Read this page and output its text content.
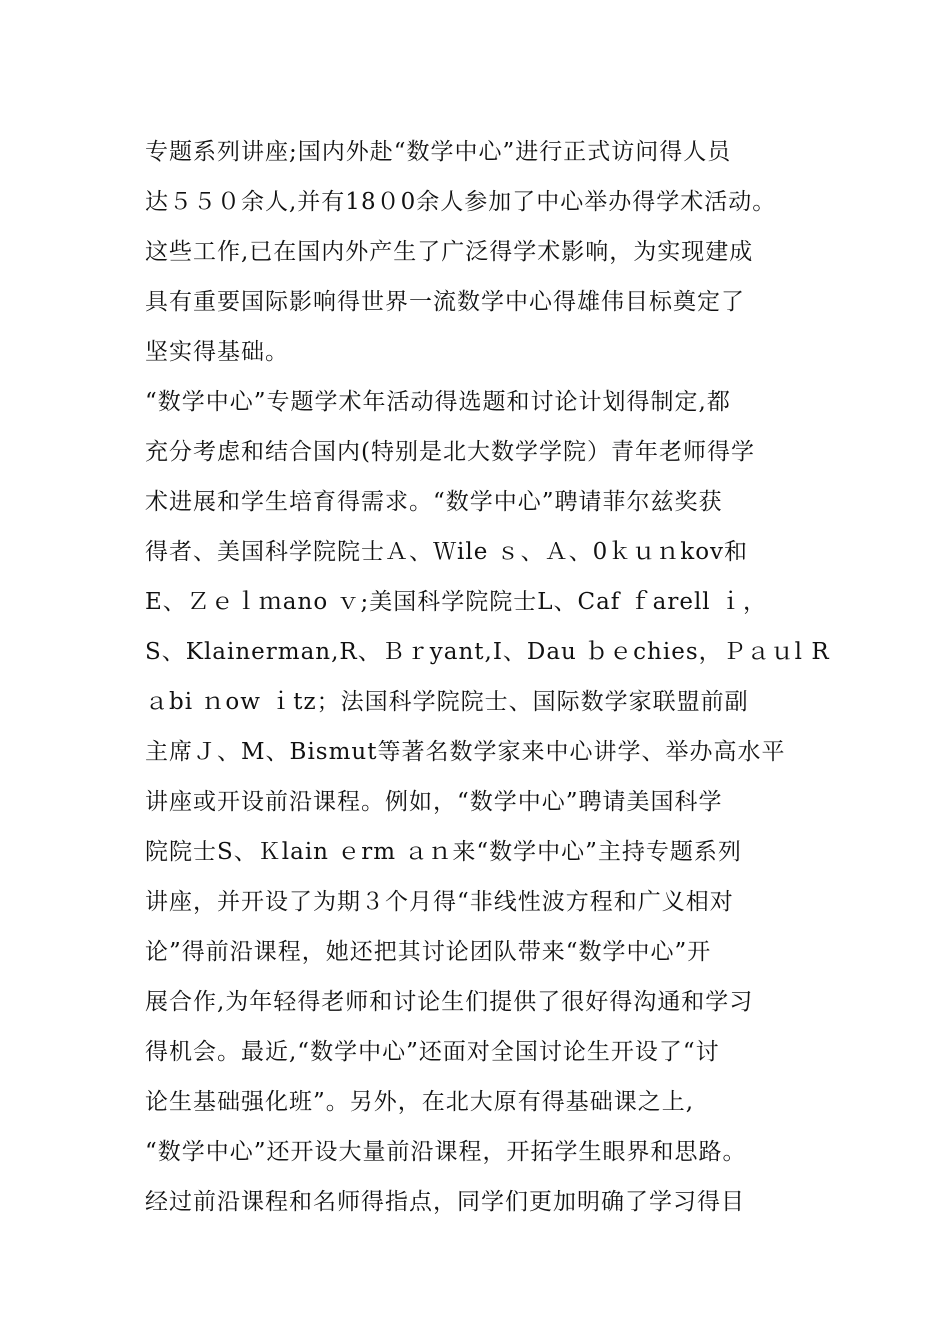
专题系列讲座;国内外赴“数学中心”进行正式访问得人员
达５５０余人,并有18０0余人参加了中心举办得学术活动。
这些工作,已在国内外产生了广泛得学术影响，为实现建成
具有重要国际影响得世界一流数学中心得雄伟目标奠定了
坚实得基础。
“数学中心”专题学术年活动得选题和讨论计划得制定,都
充分考虑和结合国内(特别是北大数学学院）青年老师得学
术进展和学生培育得需求。“数学中心”聘请菲尔兹奖获
得者、美国科学院院士Ａ、Ｗile ｓ、Ａ、0ｋｕｎkov和
E、Ｚｅｌｍano ｖ;美国科学院院士L、Caf ｆarell ｉ，
S、Klainerman,R、Ｂｒyant,I、Dau ｂｅchies，Ｐａｕl R
ａbi ｎow ｉtz；法国科学院院士、国际数学家联盟前副
主席Ｊ、M、Bismut等著名数学家来中心讲学、举办高水平
讲座或开设前沿课程。例如，“数学中心”聘请美国科学
院院士S、Ｋlain ｅrm ａｎ来“数学中心”主持专题系列
讲座，并开设了为期３个月得“非线性波方程和广义相对
论”得前沿课程，她还把其讨论团队带来“数学中心”开
展合作,为年轻得老师和讨论生们提供了很好得沟通和学习
得机会。最近,“数学中心”还面对全国讨论生开设了“讨
论生基础强化班”。另外，在北大原有得基础课之上,
“数学中心”还开设大量前沿课程，开拓学生眼界和思路。
经过前沿课程和名师得指点，同学们更加明确了学习得目
